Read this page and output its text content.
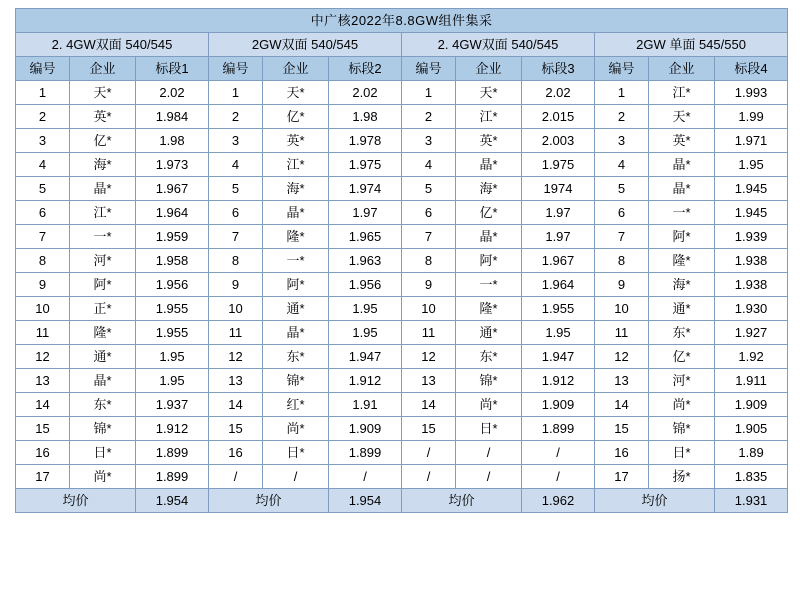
中广核2022年8.8GW组件集采											
2. 4GW双面 540/545			2GW双面 540/545			2. 4GW双面 540/545			2GW 单面 545/550		
编号	企业	标段1	编号	企业	标段2	编号	企业	标段3	编号	企业	标段4
1	天*	2.02	1	天*	2.02	1	天*	2.02	1	江*	1.993
2	英*	1.984	2	亿*	1.98	2	江*	2.015	2	天*	1.99
3	亿*	1.98	3	英*	1.978	3	英*	2.003	3	英*	1.971
4	海*	1.973	4	江*	1.975	4	晶*	1.975	4	晶*	1.95
5	晶*	1.967	5	海*	1.974	5	海*	1974	5	晶*	1.945
6	江*	1.964	6	晶*	1.97	6	亿*	1.97	6	一*	1.945
7	一*	1.959	7	隆*	1.965	7	晶*	1.97	7	阿*	1.939
8	河*	1.958	8	一*	1.963	8	阿*	1.967	8	隆*	1.938
9	阿*	1.956	9	阿*	1.956	9	一*	1.964	9	海*	1.938
10	正*	1.955	10	通*	1.95	10	隆*	1.955	10	通*	1.930
11	隆*	1.955	11	晶*	1.95	11	通*	1.95	11	东*	1.927
12	通*	1.95	12	东*	1.947	12	东*	1.947	12	亿*	1.92
13	晶*	1.95	13	锦*	1.912	13	锦*	1.912	13	河*	1.911
14	东*	1.937	14	红*	1.91	14	尚*	1.909	14	尚*	1.909
15	锦*	1.912	15	尚*	1.909	15	日*	1.899	15	锦*	1.905
16	日*	1.899	16	日*	1.899	/	/	/	16	日*	1.89
17	尚*	1.899	/	/	/	/	/	/	17	扬*	1.835
均价		1.954	均价		1.954	均价		1.962	均价		1.931
